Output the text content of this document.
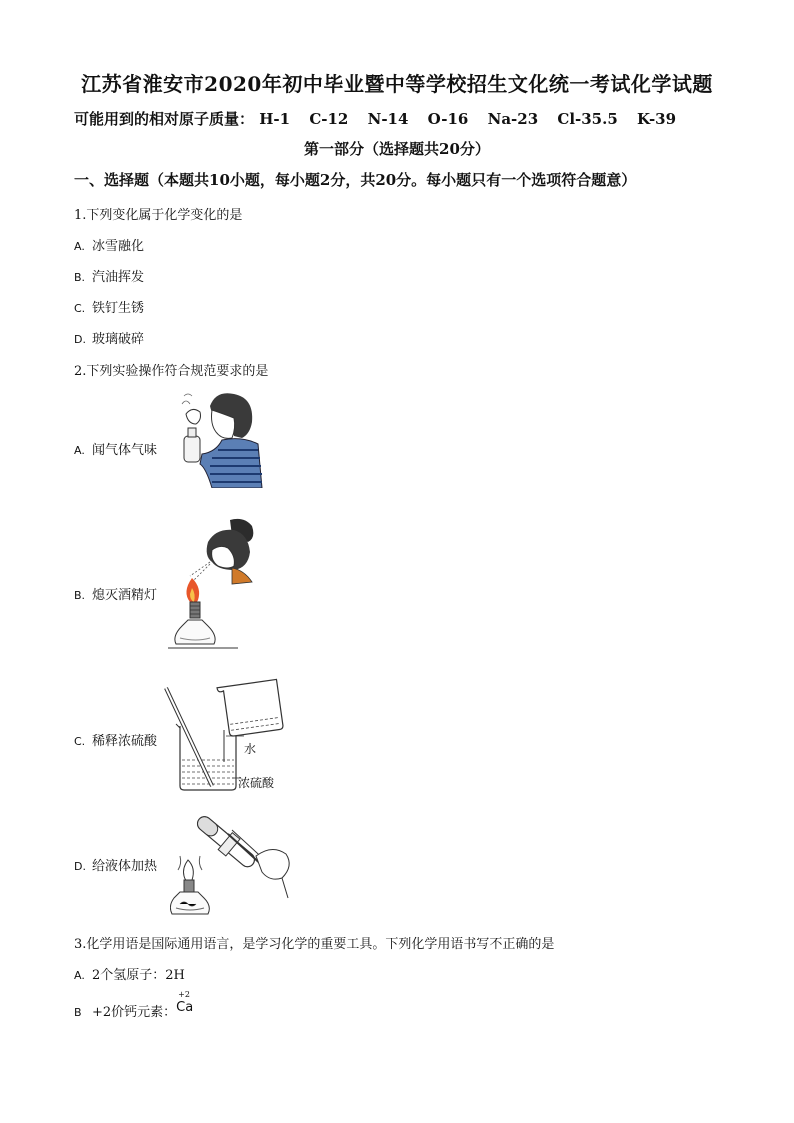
江苏省淮安市2020年初中毕业暨中等学校招生文化统一考试化学试题
可能用到的相对原子质量： H-1 C-12 N-14 O-16 Na-23 Cl-35.5 K-39
第一部分（选择题共20分）
一、选择题（本题共10小题，每小题2分，共20分。每小题只有一个选项符合题意）
1.下列变化属于化学变化的是
A. 冰雪融化
B. 汽油挥发
C. 铁钉生锈
D. 玻璃破碎
2.下列实验操作符合规范要求的是
A. 闻气体气味
B. 熄灭酒精灯
C. 稀释浓硫酸	水
浓硫酸
D. 给液体加热
3.化学用语是国际通用语言，是学习化学的重要工具。下列化学用语书写不正确的是
A. 2个氢原子：2H
B +2价钙元素：
+2
Ca
